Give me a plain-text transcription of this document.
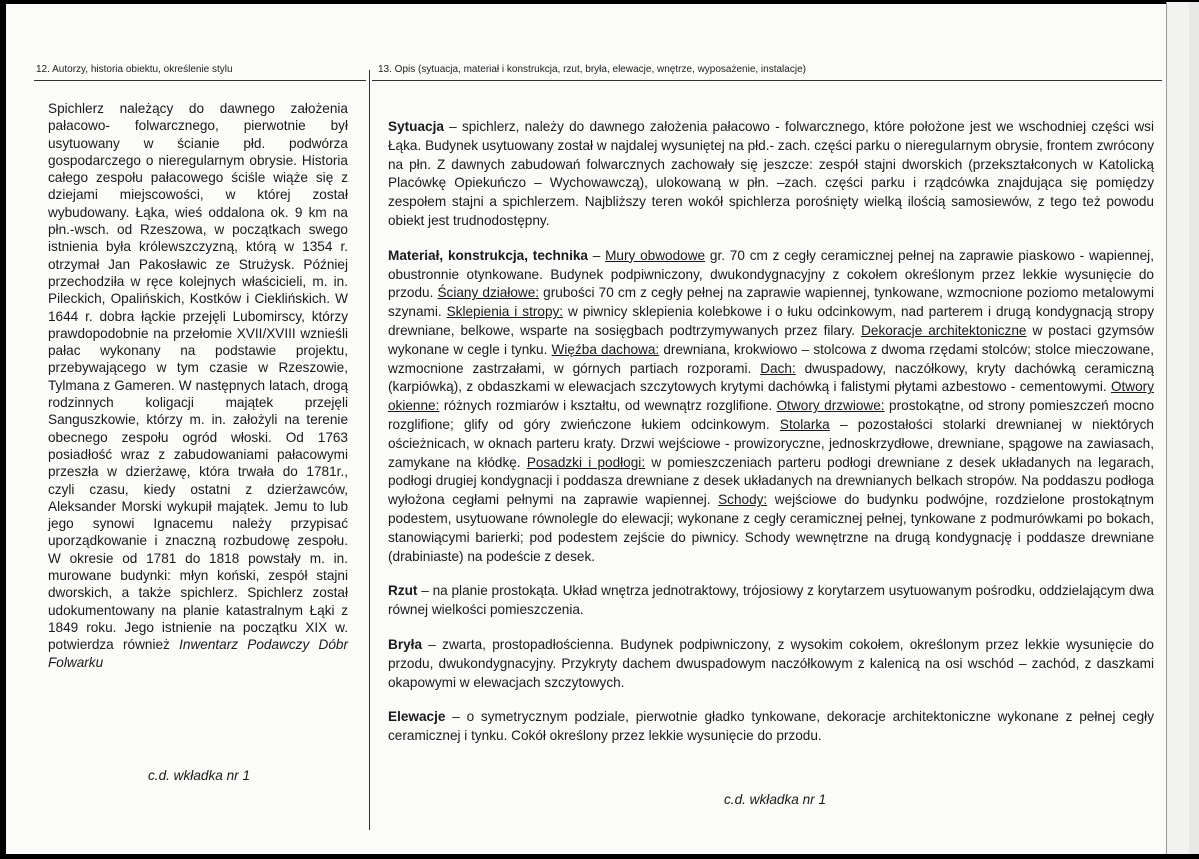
12. Autorzy, historia obiektu, określenie stylu	13. Opis (sytuacja, materiał i konstrukcja, rzut, bryła, elewacje, wnętrze, wyposażenie, instalacje)
Spichlerz należący do dawnego założenia pałacowo- folwarcznego, pierwotnie był usytuowany w ścianie płd. podwórza gospodarczego o nieregularnym obrysie. Historia całego zespołu pałacowego ściśle wiąże się z dziejami miejscowości, w której został wybudowany. Łąka, wieś oddalona ok. 9 km na płn.-wsch. od Rzeszowa, w początkach swego istnienia była królewszczyzną, którą w 1354 r. otrzymał Jan Pakosławic ze Strużysk. Później przechodziła w ręce kolejnych właścicieli, m. in. Pileckich, Opalińskich, Kostków i Cieklińskich. W 1644 r. dobra łąckie przejęli Lubomirscy, którzy prawdopodobnie na przełomie XVII/XVIII wznieśli pałac wykonany na podstawie projektu, przebywającego w tym czasie w Rzeszowie, Tylmana z Gameren. W następnych latach, drogą rodzinnych koligacji majątek przejęli Sanguszkowie, którzy m. in. założyli na terenie obecnego zespołu ogród włoski. Od 1763 posiadłość wraz z zabudowaniami pałacowymi przeszła w dzierżawę, która trwała do 1781r., czyli czasu, kiedy ostatni z dzierżawców, Aleksander Morski wykupił majątek. Jemu to lub jego synowi Ignacemu należy przypisać uporządkowanie i znaczną rozbudowę zespołu. W okresie od 1781 do 1818 powstały m. in. murowane budynki: młyn koński, zespół stajni dworskich, a także spichlerz. Spichlerz został udokumentowany na planie katastralnym Łąki z 1849 roku. Jego istnienie na początku XIX w. potwierdza również Inwentarz Podawczy Dóbr Folwarku
c.d. wkładka nr 1

Sytuacja – spichlerz, należy do dawnego założenia pałacowo - folwarcznego, które położone jest we wschodniej części wsi Łąka. Budynek usytuowany został w najdalej wysuniętej na płd.- zach. części parku o nieregularnym obrysie, frontem zwrócony na płn. Z dawnych zabudowań folwarcznych zachowały się jeszcze: zespół stajni dworskich (przekształconych w Katolicką Placówkę Opiekuńczo – Wychowawczą), ulokowaną w płn. –zach. części parku i rządcówka znajdująca się pomiędzy zespołem stajni a spichlerzem. Najbliższy teren wokół spichlerza porośnięty wielką ilością samosiewów, z tego też powodu obiekt jest trudnodostępny.

Materiał, konstrukcja, technika – Mury obwodowe gr. 70 cm z cegły ceramicznej pełnej na zaprawie piaskowo - wapiennej, obustronnie otynkowane. Budynek podpiwniczony, dwukondygnacyjny z cokołem określonym przez lekkie wysunięcie do przodu. Ściany działowe: grubości 70 cm z cegły pełnej na zaprawie wapiennej, tynkowane, wzmocnione poziomo metalowymi szynami. Sklepienia i stropy: w piwnicy sklepienia kolebkowe i o łuku odcinkowym, nad parterem i drugą kondygnacją stropy drewniane, belkowe, wsparte na sosięgbach podtrzymywanych przez filary. Dekoracje architektoniczne w postaci gzymsów wykonane w cegle i tynku. Więźba dachowa: drewniana, krokwiowo – stolcowa z dwoma rzędami stolców; stolce mieczowane, wzmocnione zastrzałami, w górnych partiach rozporami. Dach: dwuspadowy, naczółkowy, kryty dachówką ceramiczną (karpiówką), z obdaszkami w elewacjach szczytowych krytymi dachówką i falistymi płytami azbestowo - cementowymi. Otwory okienne: różnych rozmiarów i kształtu, od wewnątrz rozglifione. Otwory drzwiowe: prostokątne, od strony pomieszczeń mocno rozglifione; glify od góry zwieńczone łukiem odcinkowym. Stolarka – pozostałości stolarki drewnianej w niektórych ościeżnicach, w oknach parteru kraty. Drzwi wejściowe - prowizoryczne, jednoskrzydłowe, drewniane, spągowe na zawiasach, zamykane na kłódkę. Posadzki i podłogi: w pomieszczeniach parteru podłogi drewniane z desek układanych na legarach, podłogi drugiej kondygnacji i poddasza drewniane z desek układanych na drewnianych belkach stropów. Na poddaszu podłoga wyłożona cegłami pełnymi na zaprawie wapiennej. Schody: wejściowe do budynku podwójne, rozdzielone prostokątnym podestem, usytuowane równolegle do elewacji; wykonane z cegły ceramicznej pełnej, tynkowane z podmurówkami po bokach, stanowiącymi barierki; pod podestem zejście do piwnicy. Schody wewnętrzne na drugą kondygnację i poddasze drewniane (drabiniaste) na podeście z desek.

Rzut – na planie prostokąta. Układ wnętrza jednotraktowy, trójosiowy z korytarzem usytuowanym pośrodku, oddzielającym dwa równej wielkości pomieszczenia.

Bryła – zwarta, prostopadłościenna. Budynek podpiwniczony, z wysokim cokołem, określonym przez lekkie wysunięcie do przodu, dwukondygnacyjny. Przykryty dachem dwuspadowym naczółkowym z kalenicą na osi wschód – zachód, z daszkami okapowymi w elewacjach szczytowych.

Elewacje – o symetrycznym podziale, pierwotnie gładko tynkowane, dekoracje architektoniczne wykonane z pełnej cegły ceramicznej i tynku. Cokół określony przez lekkie wysunięcie do przodu.

c.d. wkładka nr 1
